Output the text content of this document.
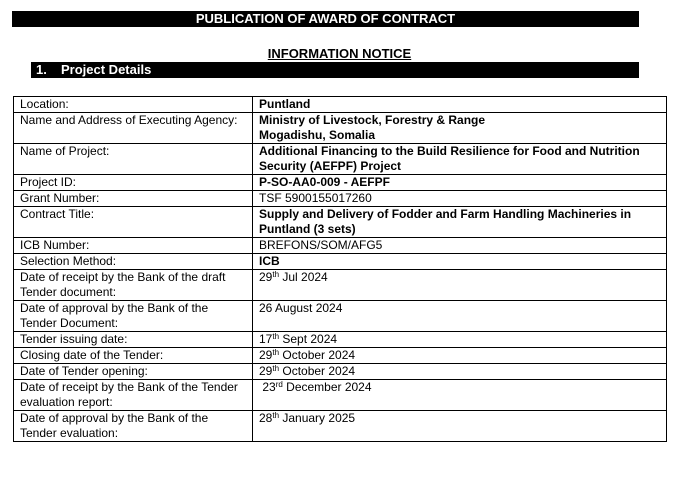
PUBLICATION OF AWARD OF CONTRACT
INFORMATION NOTICE
1. Project Details
Location:	Puntland

Name and Address of Executing Agency:	Ministry of Livestock, Forestry & Range
Mogadishu, Somalia

Name of Project:	Additional Financing to the Build Resilience for Food and Nutrition
Security (AEFPF) Project

Project ID:	P-SO-AA0-009 - AEFPF

Grant Number:	TSF 5900155017260

Contract Title:	Supply and Delivery of Fodder and Farm Handling Machineries in
Puntland (3 sets)

ICB Number:	BREFONS/SOM/AFG5

Selection Method:	ICB

Date of receipt by the Bank of the draft Tender document:	29th Jul 2024
Date of approval by the Bank of the Tender Document:	26 August 2024

Tender issuing date:	17th Sept 2024
Closing date of the Tender:	29th October 2024
Date of Tender opening:	29th October 2024
Date of receipt by the Bank of the Tender evaluation report:	23rd December 2024
Date of approval by the Bank of the Tender evaluation:	28th January 2025
